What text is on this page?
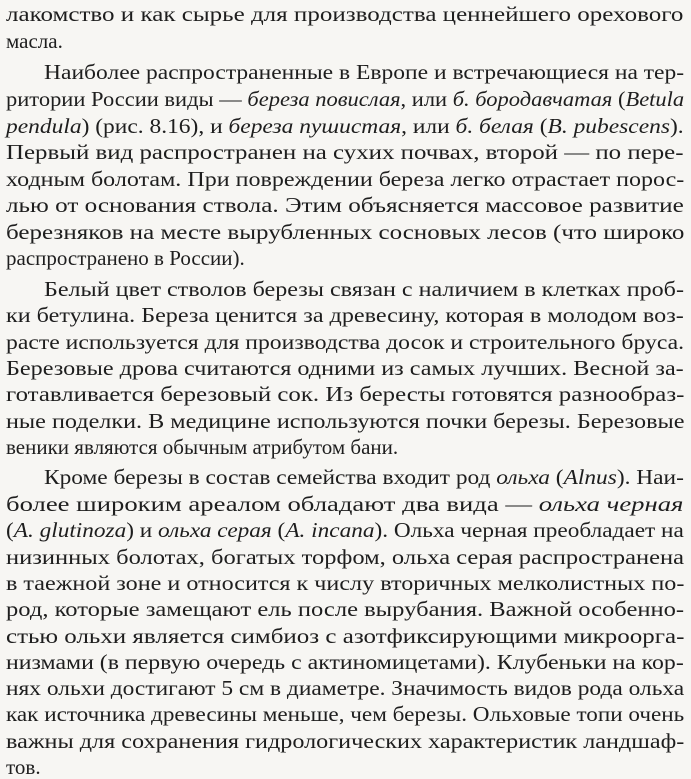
лакомство и как сырье для производства ценнейшего орехового
масла.
Наиболее распространенные в Европе и встречающиеся на тер-
ритории России виды — береза повислая, или б. бородавчатая (Betula
pendula) (рис. 8.16), и береза пушистая, или б. белая (B. pubescens).
Первый вид распространен на сухих почвах, второй — по пере-
ходным болотам. При повреждении береза легко отрастает порос-
лью от основания ствола. Этим объясняется массовое развитие
березняков на месте вырубленных сосновых лесов (что широко
распространено в России).
Белый цвет стволов березы связан с наличием в клетках проб-
ки бетулина. Береза ценится за древесину, которая в молодом воз-
расте используется для производства досок и строительного бруса.
Березовые дрова считаются одними из самых лучших. Весной за-
готавливается березовый сок. Из бересты готовятся разнообраз-
ные поделки. В медицине используются почки березы. Березовые
веники являются обычным атрибутом бани.
Кроме березы в состав семейства входит род ольха (Alnus). Наи-
более широким ареалом обладают два вида — ольха черная
(A. glutinoza) и ольха серая (A. incana). Ольха черная преобладает на
низинных болотах, богатых торфом, ольха серая распространена
в таежной зоне и относится к числу вторичных мелколистных по-
род, которые замещают ель после вырубания. Важной особенно-
стью ольхи является симбиоз с азотфиксирующими микроорга-
низмами (в первую очередь с актиномицетами). Клубеньки на кор-
нях ольхи достигают 5 см в диаметре. Значимость видов рода ольха
как источника древесины меньше, чем березы. Ольховые топи очень
важны для сохранения гидрологических характеристик ландшаф-
тов.
